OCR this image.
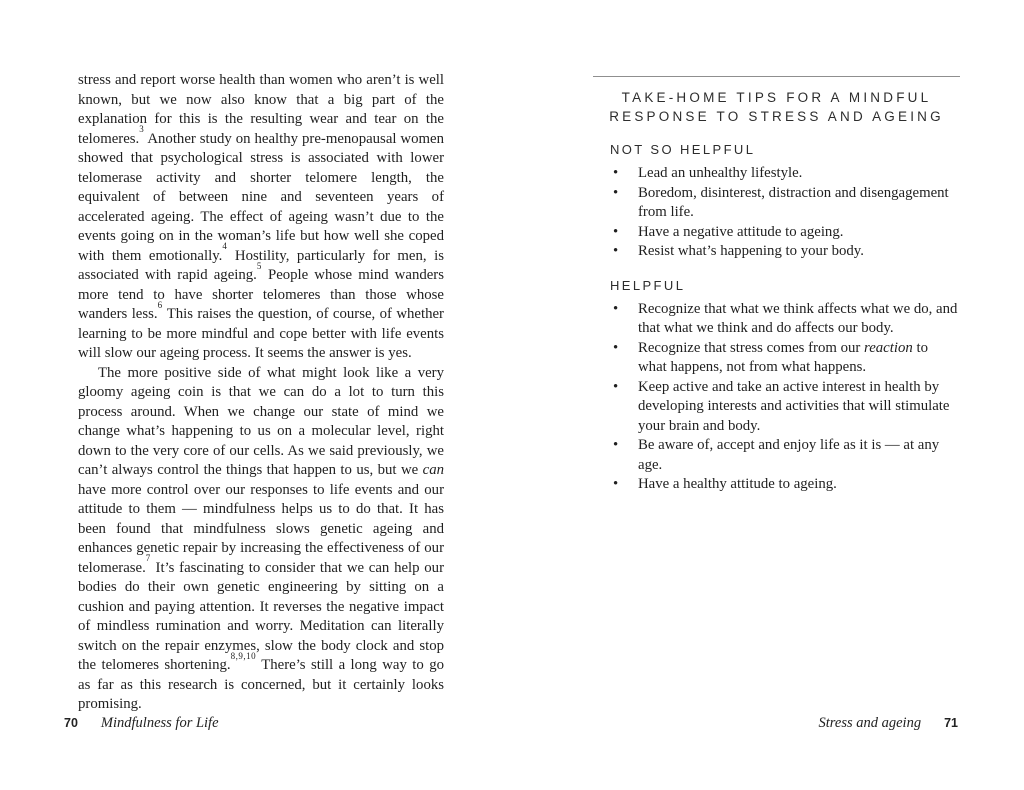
stress and report worse health than women who aren’t is well known, but we now also know that a big part of the explanation for this is the resulting wear and tear on the telomeres.$^3$ Another study on healthy pre-menopausal women showed that psychological stress is associated with lower telomerase activity and shorter telomere length, the equivalent of between nine and seventeen years of accelerated ageing. The effect of ageing wasn’t due to the events going on in the woman’s life but how well she coped with them emotionally.$^4$ Hostility, particularly for men, is associated with rapid ageing.$^5$ People whose mind wanders more tend to have shorter telomeres than those whose wanders less.$^6$ This raises the question, of course, of whether learning to be more mindful and cope better with life events will slow our ageing process. It seems the answer is yes.

The more positive side of what might look like a very gloomy ageing coin is that we can do a lot to turn this process around. When we change our state of mind we change what’s happening to us on a molecular level, right down to the very core of our cells. As we said previously, we can’t always control the things that happen to us, but we can have more control over our responses to life events and our attitude to them — mindfulness helps us to do that. It has been found that mindfulness slows genetic ageing and enhances genetic repair by increasing the effectiveness of our telomerase.$^7$ It’s fascinating to consider that we can help our bodies do their own genetic engineering by sitting on a cushion and paying attention. It reverses the negative impact of mindless rumination and worry. Meditation can literally switch on the repair enzymes, slow the body clock and stop the telomeres shortening.$^{8,9,10}$ There’s still a long way to go as far as this research is concerned, but it certainly looks promising.

TAKE-HOME TIPS FOR A MINDFUL
RESPONSE TO STRESS AND AGEING
NOT SO HELPFUL
•	Lead an unhealthy lifestyle.
•	Boredom, disinterest, distraction and disengagement from life.
•	Have a negative attitude to ageing.
•	Resist what’s happening to your body.
HELPFUL
•	Recognize that what we think affects what we do, and that what we think and do affects our body.
•	Recognize that stress comes from our reaction to what happens, not from what happens.
•	Keep active and take an active interest in health by developing interests and activities that will stimulate your brain and body.
•	Be aware of, accept and enjoy life as it is — at any age.
•	Have a healthy attitude to ageing.
70 Mindfulness for Life	Stress and ageing 71
